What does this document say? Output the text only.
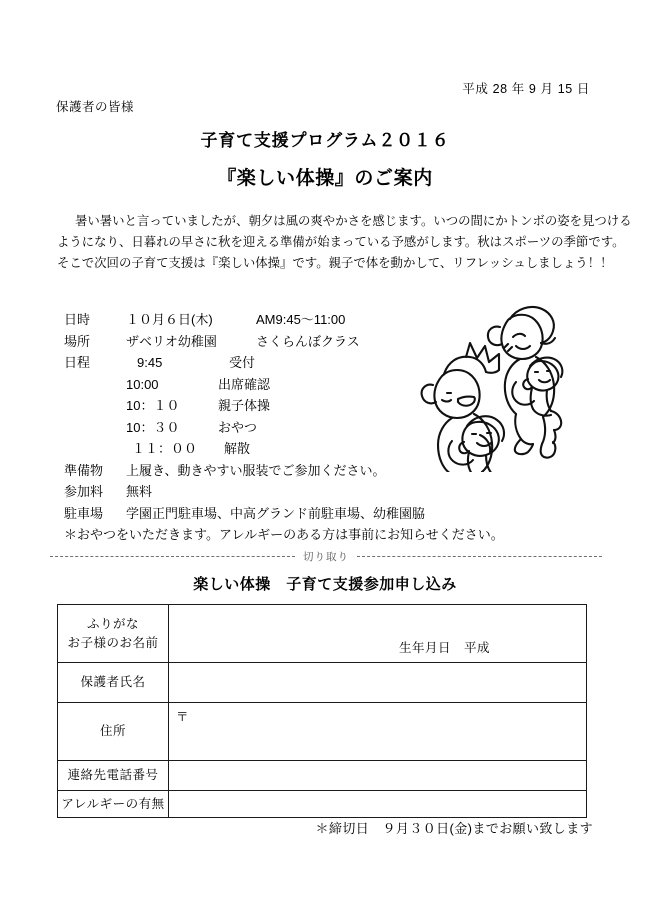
平成 28 年 9 月 15 日
保護者の皆様
子育て支援プログラム２０１６
『楽しい体操』のご案内
暑い暑いと言っていましたが、朝夕は風の爽やかさを感じます。いつの間にかトンボの姿を見つける
ようになり、日暮れの早さに秋を迎える準備が始まっている予感がします。秋はスポーツの季節です。
そこで次回の子育て支援は『楽しい体操』です。親子で体を動かして、リフレッシュしましょう！！
日時	１０月６日(木)	AM9:45〜11:00
場所	ザベリオ幼稚園	さくらんぼクラス
日程	9:45	受付
10:00	出席確認
10：１０	親子体操
10：３０	おやつ
１１：００ 解散
準備物 上履き、動きやすい服装でご参加ください。
参加料 無料
駐車場 学園正門駐車場、中高グランド前駐車場、幼稚園脇
＊おやつをいただきます。アレルギーのある方は事前にお知らせください。
切り取り
楽しい体操　子育て支援参加申し込み
ふりがな
お子様のお名前	生年月日　平成

保護者氏名	
住所	〒

連絡先電話番号	
アレルギーの有無	
＊締切日　９月３０日(金)までお願い致します
